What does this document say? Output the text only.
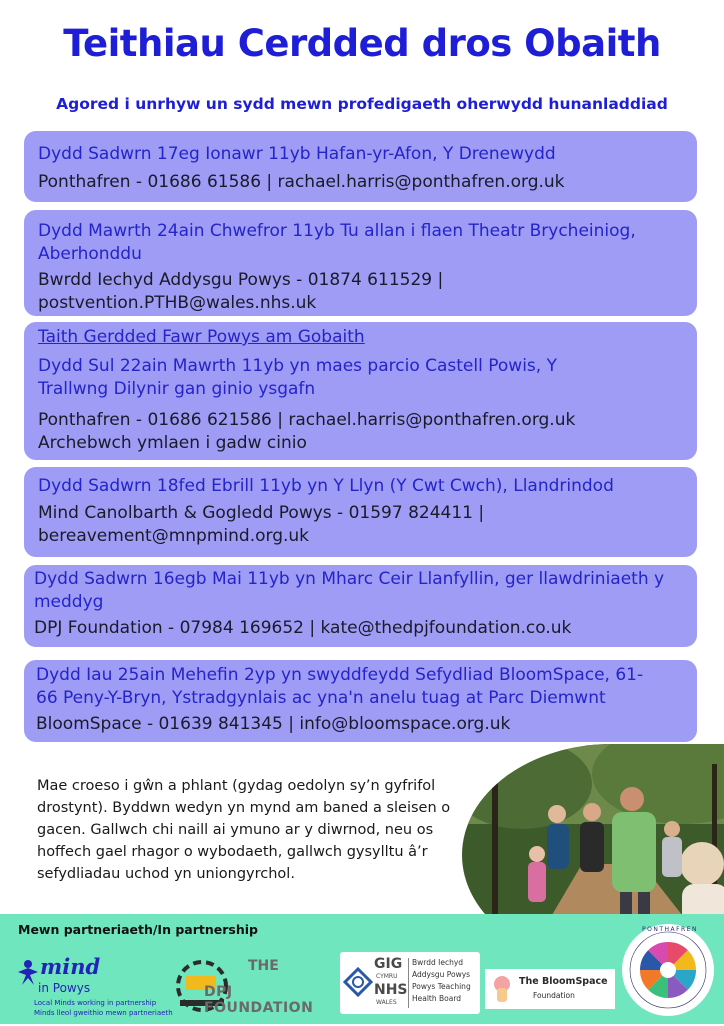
Teithiau Cerdded dros Obaith
Agored i unrhyw un sydd mewn profedigaeth oherwydd hunanladdiad
Dydd Sadwrn 17eg Ionawr 11yb Hafan-yr-Afon, Y Drenewydd
Ponthafren - 01686 61586 | rachael.harris@ponthafren.org.uk
Dydd Mawrth 24ain Chwefror 11yb Tu allan i flaen Theatr Brycheiniog,
Aberhonddu
Bwrdd Iechyd Addysgu Powys - 01874 611529 |
postvention.PTHB@wales.nhs.uk
Taith Gerdded Fawr Powys am Gobaith
Dydd Sul 22ain Mawrth 11yb yn maes parcio Castell Powis, Y
Trallwng Dilynir gan ginio ysgafn
Ponthafren - 01686 621586 | rachael.harris@ponthafren.org.uk
Archebwch ymlaen i gadw cinio
Dydd Sadwrn 18fed Ebrill 11yb yn Y Llyn (Y Cwt Cwch), Llandrindod
Mind Canolbarth & Gogledd Powys - 01597 824411 |
bereavement@mnpmind.org.uk
Dydd Sadwrn 16egb Mai 11yb yn Mharc Ceir Llanfyllin, ger llawdriniaeth y
meddyg
DPJ Foundation - 07984 169652 | kate@thedpjfoundation.co.uk
Dydd Iau 25ain Mehefin 2yp yn swyddfeydd Sefydliad BloomSpace, 61-
66 Peny-Y-Bryn, Ystradgynlais ac yna'n anelu tuag at Parc Diemwnt
BloomSpace - 01639 841345 | info@bloomspace.org.uk
Mae croeso i gŵn a phlant (gydag oedolyn sy’n gyfrifol
drostynt). Byddwn wedyn yn mynd am baned a sleisen o
gacen. Gallwch chi naill ai ymuno ar y diwrnod, neu os
hoffech gael rhagor o wybodaeth, gallwch gysylltu â’r
sefydliadau uchod yn uniongyrchol.
Mewn partneriaeth/In partnership
mind
in Powys
Local Minds working in partnership
Minds lleol gweithio mewn partneriaeth
THE
DPJ FOUNDATION
GIG
CYMRU
NHS
WALES
Bwrdd Iechyd
Addysgu Powys
Powys Teaching
Health Board
The BloomSpace
Foundation
PONTHAFREN
